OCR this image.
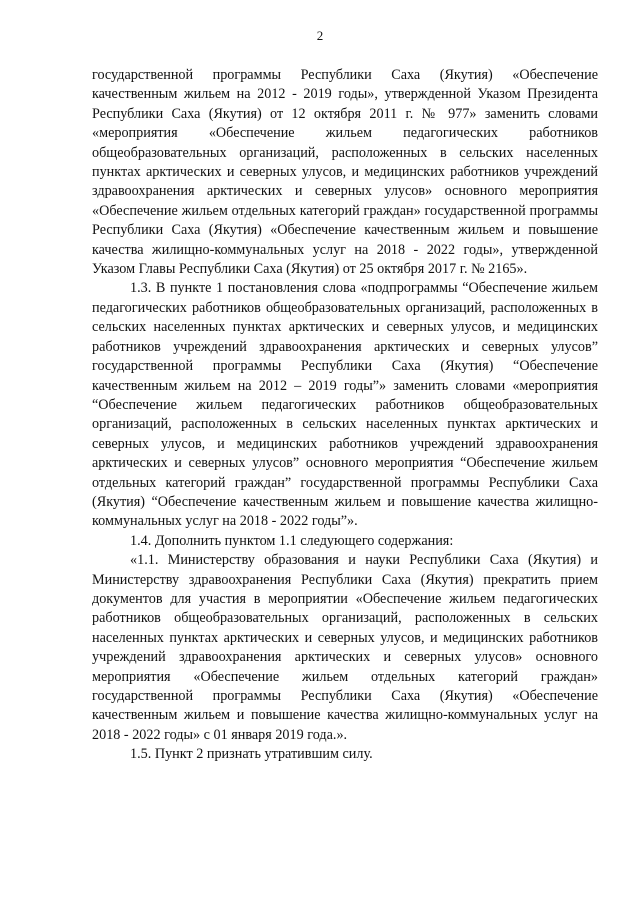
2

государственной программы Республики Саха (Якутия) «Обеспечение качественным жильем на 2012 - 2019 годы», утвержденной Указом Президента Республики Саха (Якутия) от 12 октября 2011 г. № 977» заменить словами «мероприятия «Обеспечение жильем педагогических работников общеобразовательных организаций, расположенных в сельских населенных пунктах арктических и северных улусов, и медицинских работников учреждений здравоохранения арктических и северных улусов» основного мероприятия «Обеспечение жильем отдельных категорий граждан» государственной программы Республики Саха (Якутия) «Обеспечение качественным жильем и повышение качества жилищно-коммунальных услуг на 2018 - 2022 годы», утвержденной Указом Главы Республики Саха (Якутия) от 25 октября 2017 г. № 2165».

1.3. В пункте 1 постановления слова «подпрограммы “Обеспечение жильем педагогических работников общеобразовательных организаций, расположенных в сельских населенных пунктах арктических и северных улусов, и медицинских работников учреждений здравоохранения арктических и северных улусов” государственной программы Республики Саха (Якутия) “Обеспечение качественным жильем на 2012 – 2019 годы”» заменить словами «мероприятия “Обеспечение жильем педагогических работников общеобразовательных организаций, расположенных в сельских населенных пунктах арктических и северных улусов, и медицинских работников учреждений здравоохранения арктических и северных улусов” основного мероприятия “Обеспечение жильем отдельных категорий граждан” государственной программы Республики Саха (Якутия) “Обеспечение качественным жильем и повышение качества жилищно-коммунальных услуг на 2018 - 2022 годы”».

1.4. Дополнить пунктом 1.1 следующего содержания:

«1.1. Министерству образования и науки Республики Саха (Якутия) и Министерству здравоохранения Республики Саха (Якутия) прекратить прием документов для участия в мероприятии «Обеспечение жильем педагогических работников общеобразовательных организаций, расположенных в сельских населенных пунктах арктических и северных улусов, и медицинских работников учреждений здравоохранения арктических и северных улусов» основного мероприятия «Обеспечение жильем отдельных категорий граждан» государственной программы Республики Саха (Якутия) «Обеспечение качественным жильем и повышение качества жилищно-коммунальных услуг на 2018 - 2022 годы» с 01 января 2019 года.».

1.5. Пункт 2 признать утратившим силу.
